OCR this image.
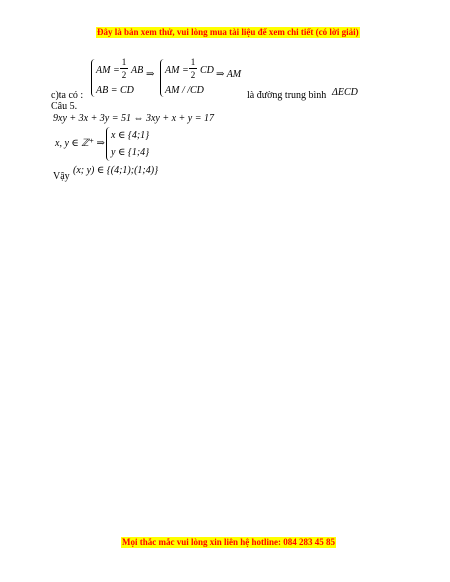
Đây là bản xem thử, vui lòng mua tài liệu để xem chi tiết (có lời giải)
AM =
1
2 AB
AB = CD
⇒ AM =
1
2 CD
AM / /CD
⇒ AM
c)ta có :	là đường trung bình ΔECD
Câu 5.
9xy + 3x + 3y = 51 ⇔ 3xy + x + y = 17
x, y ∈ ℤ⁺ ⇒
x ∈ {4;1}
y ∈ {1;4}
Vậy
(x; y) ∈ {(4;1);(1;4)}
Mọi thắc mắc vui lòng xin liên hệ hotline: 084 283 45 85
